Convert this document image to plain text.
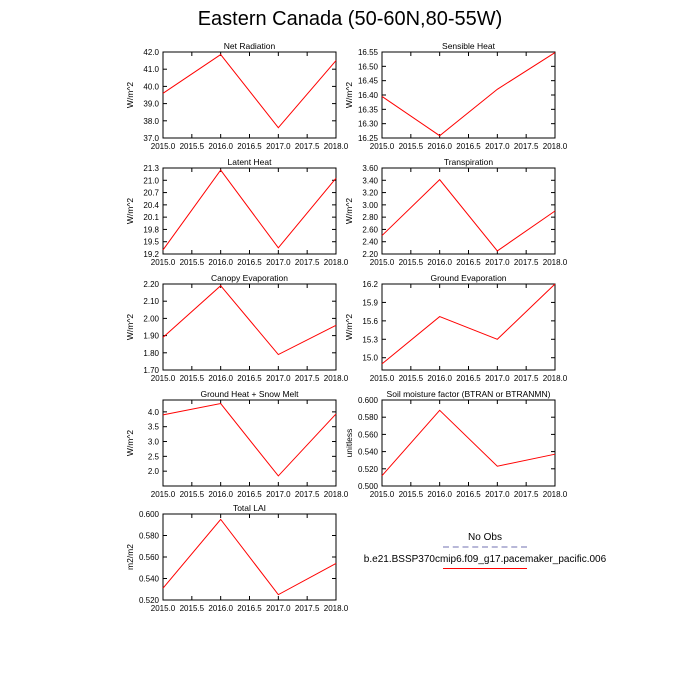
Eastern Canada (50-60N,80-55W)
Net Radiation
W/m^2
2015.0 2015.5 2016.0 2016.5 2017.0 2017.5 2018.0
37.0
38.0
39.0
40.0
41.0
42.0
Sensible Heat
W/m^2
2015.0 2015.5 2016.0 2016.5 2017.0 2017.5 2018.0
16.25
16.30
16.35
16.40
16.45
16.50
16.55
Latent Heat
W/m^2
2015.0 2015.5 2016.0 2016.5 2017.0 2017.5 2018.0
19.2
19.5
19.8
20.1
20.4
20.7
21.0
21.3
Transpiration
W/m^2
2015.0 2015.5 2016.0 2016.5 2017.0 2017.5 2018.0
2.20
2.40
2.60
2.80
3.00
3.20
3.40
3.60
Canopy Evaporation
W/m^2
2015.0 2015.5 2016.0 2016.5 2017.0 2017.5 2018.0
1.70
1.80
1.90
2.00
2.10
2.20
Ground Evaporation
W/m^2
2015.0 2015.5 2016.0 2016.5 2017.0 2017.5 2018.0
15.0
15.3
15.6
15.9
16.2
Ground Heat + Snow Melt
W/m^2
2015.0 2015.5 2016.0 2016.5 2017.0 2017.5 2018.0
2.0
2.5
3.0
3.5
4.0
Soil moisture factor (BTRAN or BTRANMN)
unitless
2015.0 2015.5 2016.0 2016.5 2017.0 2017.5 2018.0
0.500
0.520
0.540
0.560
0.580
0.600
Total LAI
m2/m2
2015.0 2015.5 2016.0 2016.5 2017.0 2017.5 2018.0
0.520
0.540
0.560
0.580
0.600
No Obs
b.e21.BSSP370cmip6.f09_g17.pacemaker_pacific.006
